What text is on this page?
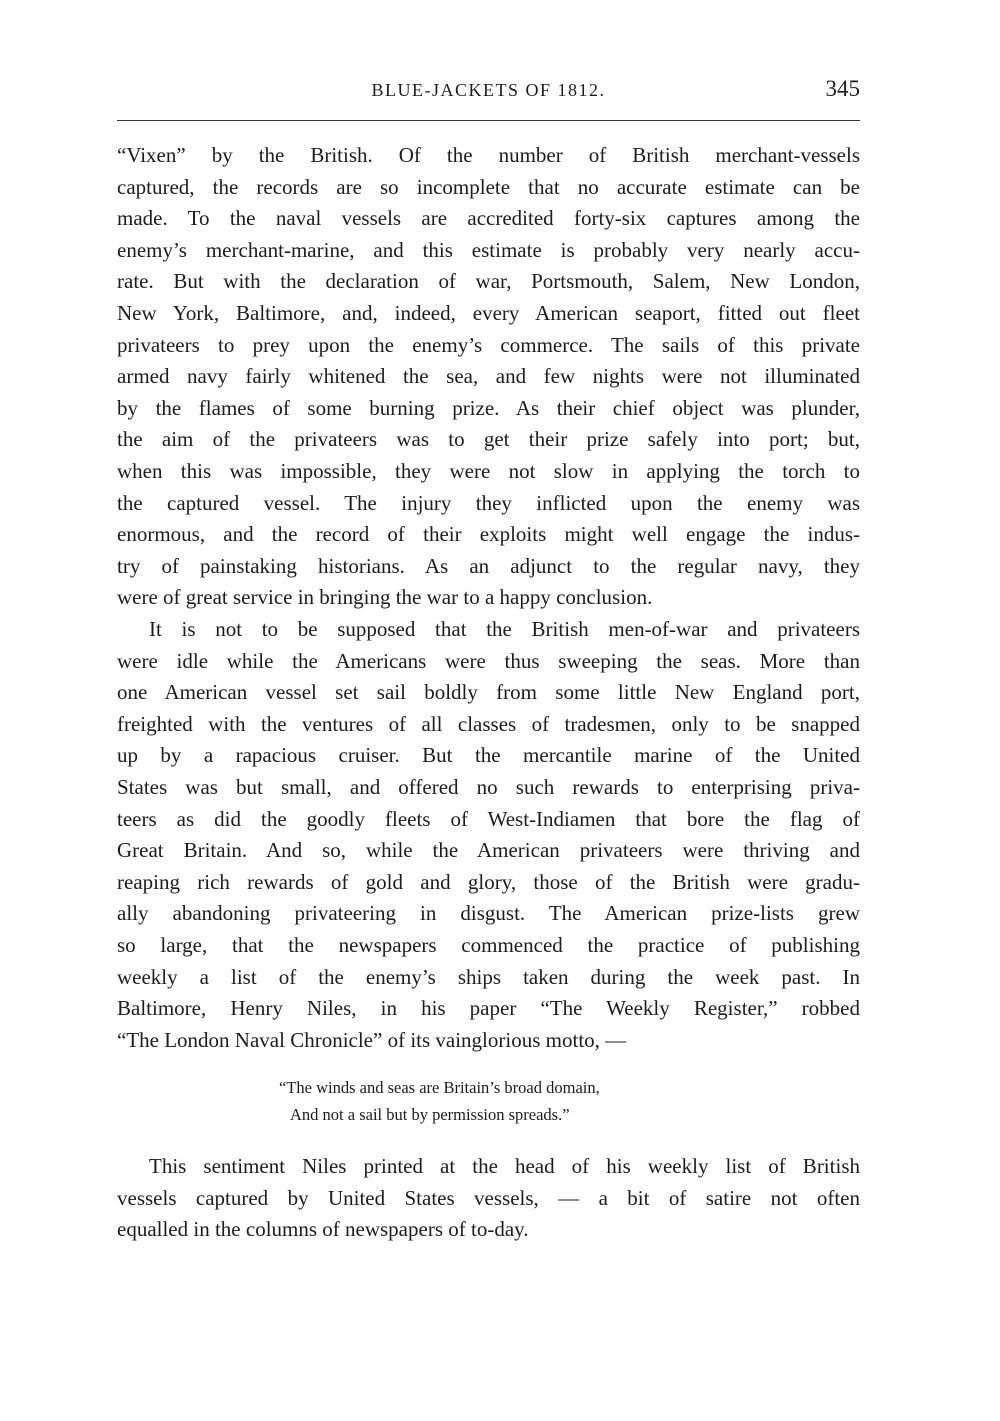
BLUE-JACKETS OF 1812.	345

“Vixen” by the British. Of the number of British merchant-vessels
captured, the records are so incomplete that no accurate estimate can be
made. To the naval vessels are accredited forty-six captures among the
enemy’s merchant-marine, and this estimate is probably very nearly accu-
rate. But with the declaration of war, Portsmouth, Salem, New London,
New York, Baltimore, and, indeed, every American seaport, fitted out fleet
privateers to prey upon the enemy’s commerce. The sails of this private
armed navy fairly whitened the sea, and few nights were not illuminated
by the flames of some burning prize. As their chief object was plunder,
the aim of the privateers was to get their prize safely into port; but,
when this was impossible, they were not slow in applying the torch to
the captured vessel. The injury they inflicted upon the enemy was
enormous, and the record of their exploits might well engage the indus-
try of painstaking historians. As an adjunct to the regular navy, they
were of great service in bringing the war to a happy conclusion.

It is not to be supposed that the British men-of-war and privateers
were idle while the Americans were thus sweeping the seas. More than
one American vessel set sail boldly from some little New England port,
freighted with the ventures of all classes of tradesmen, only to be snapped
up by a rapacious cruiser. But the mercantile marine of the United
States was but small, and offered no such rewards to enterprising priva-
teers as did the goodly fleets of West-Indiamen that bore the flag of
Great Britain. And so, while the American privateers were thriving and
reaping rich rewards of gold and glory, those of the British were gradu-
ally abandoning privateering in disgust. The American prize-lists grew
so large, that the newspapers commenced the practice of publishing
weekly a list of the enemy’s ships taken during the week past. In
Baltimore, Henry Niles, in his paper “The Weekly Register,” robbed
“The London Naval Chronicle” of its vainglorious motto, —

“The winds and seas are Britain’s broad domain,
And not a sail but by permission spreads.”

This sentiment Niles printed at the head of his weekly list of British
vessels captured by United States vessels, — a bit of satire not often
equalled in the columns of newspapers of to-day.
